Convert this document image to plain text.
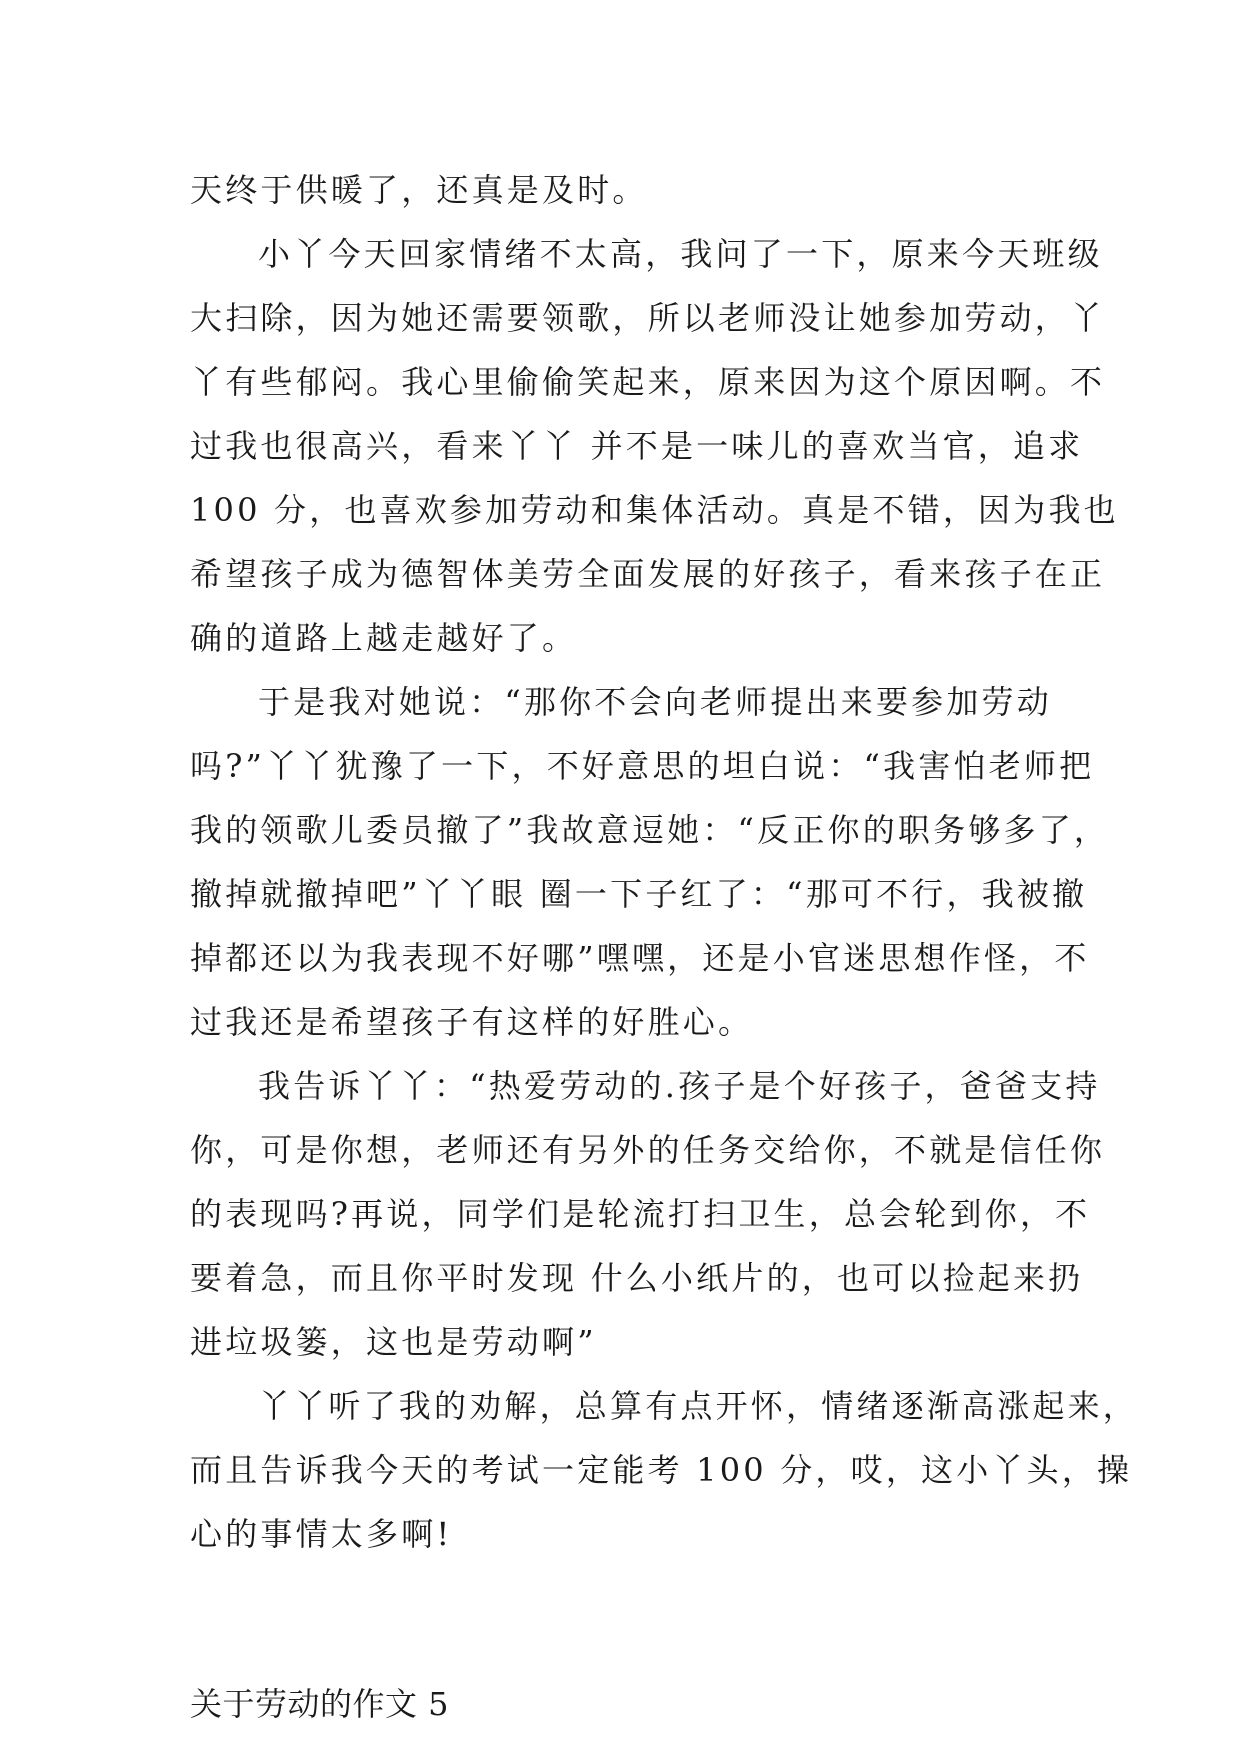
天终于供暖了，还真是及时。
小丫今天回家情绪不太高，我问了一下，原来今天班级
大扫除，因为她还需要领歌，所以老师没让她参加劳动，丫
丫有些郁闷。我心里偷偷笑起来，原来因为这个原因啊。不
过我也很高兴，看来丫丫 并不是一味儿的喜欢当官，追求
100 分，也喜欢参加劳动和集体活动。真是不错，因为我也
希望孩子成为德智体美劳全面发展的好孩子，看来孩子在正
确的道路上越走越好了。
于是我对她说：“那你不会向老师提出来要参加劳动
吗?”丫丫犹豫了一下，不好意思的坦白说：“我害怕老师把
我的领歌儿委员撤了”我故意逗她：“反正你的职务够多了，
撤掉就撤掉吧”丫丫眼 圈一下子红了：“那可不行，我被撤
掉都还以为我表现不好哪”嘿嘿，还是小官迷思想作怪，不
过我还是希望孩子有这样的好胜心。
我告诉丫丫：“热爱劳动的.孩子是个好孩子，爸爸支持
你，可是你想，老师还有另外的任务交给你，不就是信任你
的表现吗?再说，同学们是轮流打扫卫生，总会轮到你，不
要着急，而且你平时发现 什么小纸片的，也可以捡起来扔
进垃圾篓，这也是劳动啊”
丫丫听了我的劝解，总算有点开怀，情绪逐渐高涨起来，
而且告诉我今天的考试一定能考 100 分，哎，这小丫头，操
心的事情太多啊!
关于劳动的作文 5
